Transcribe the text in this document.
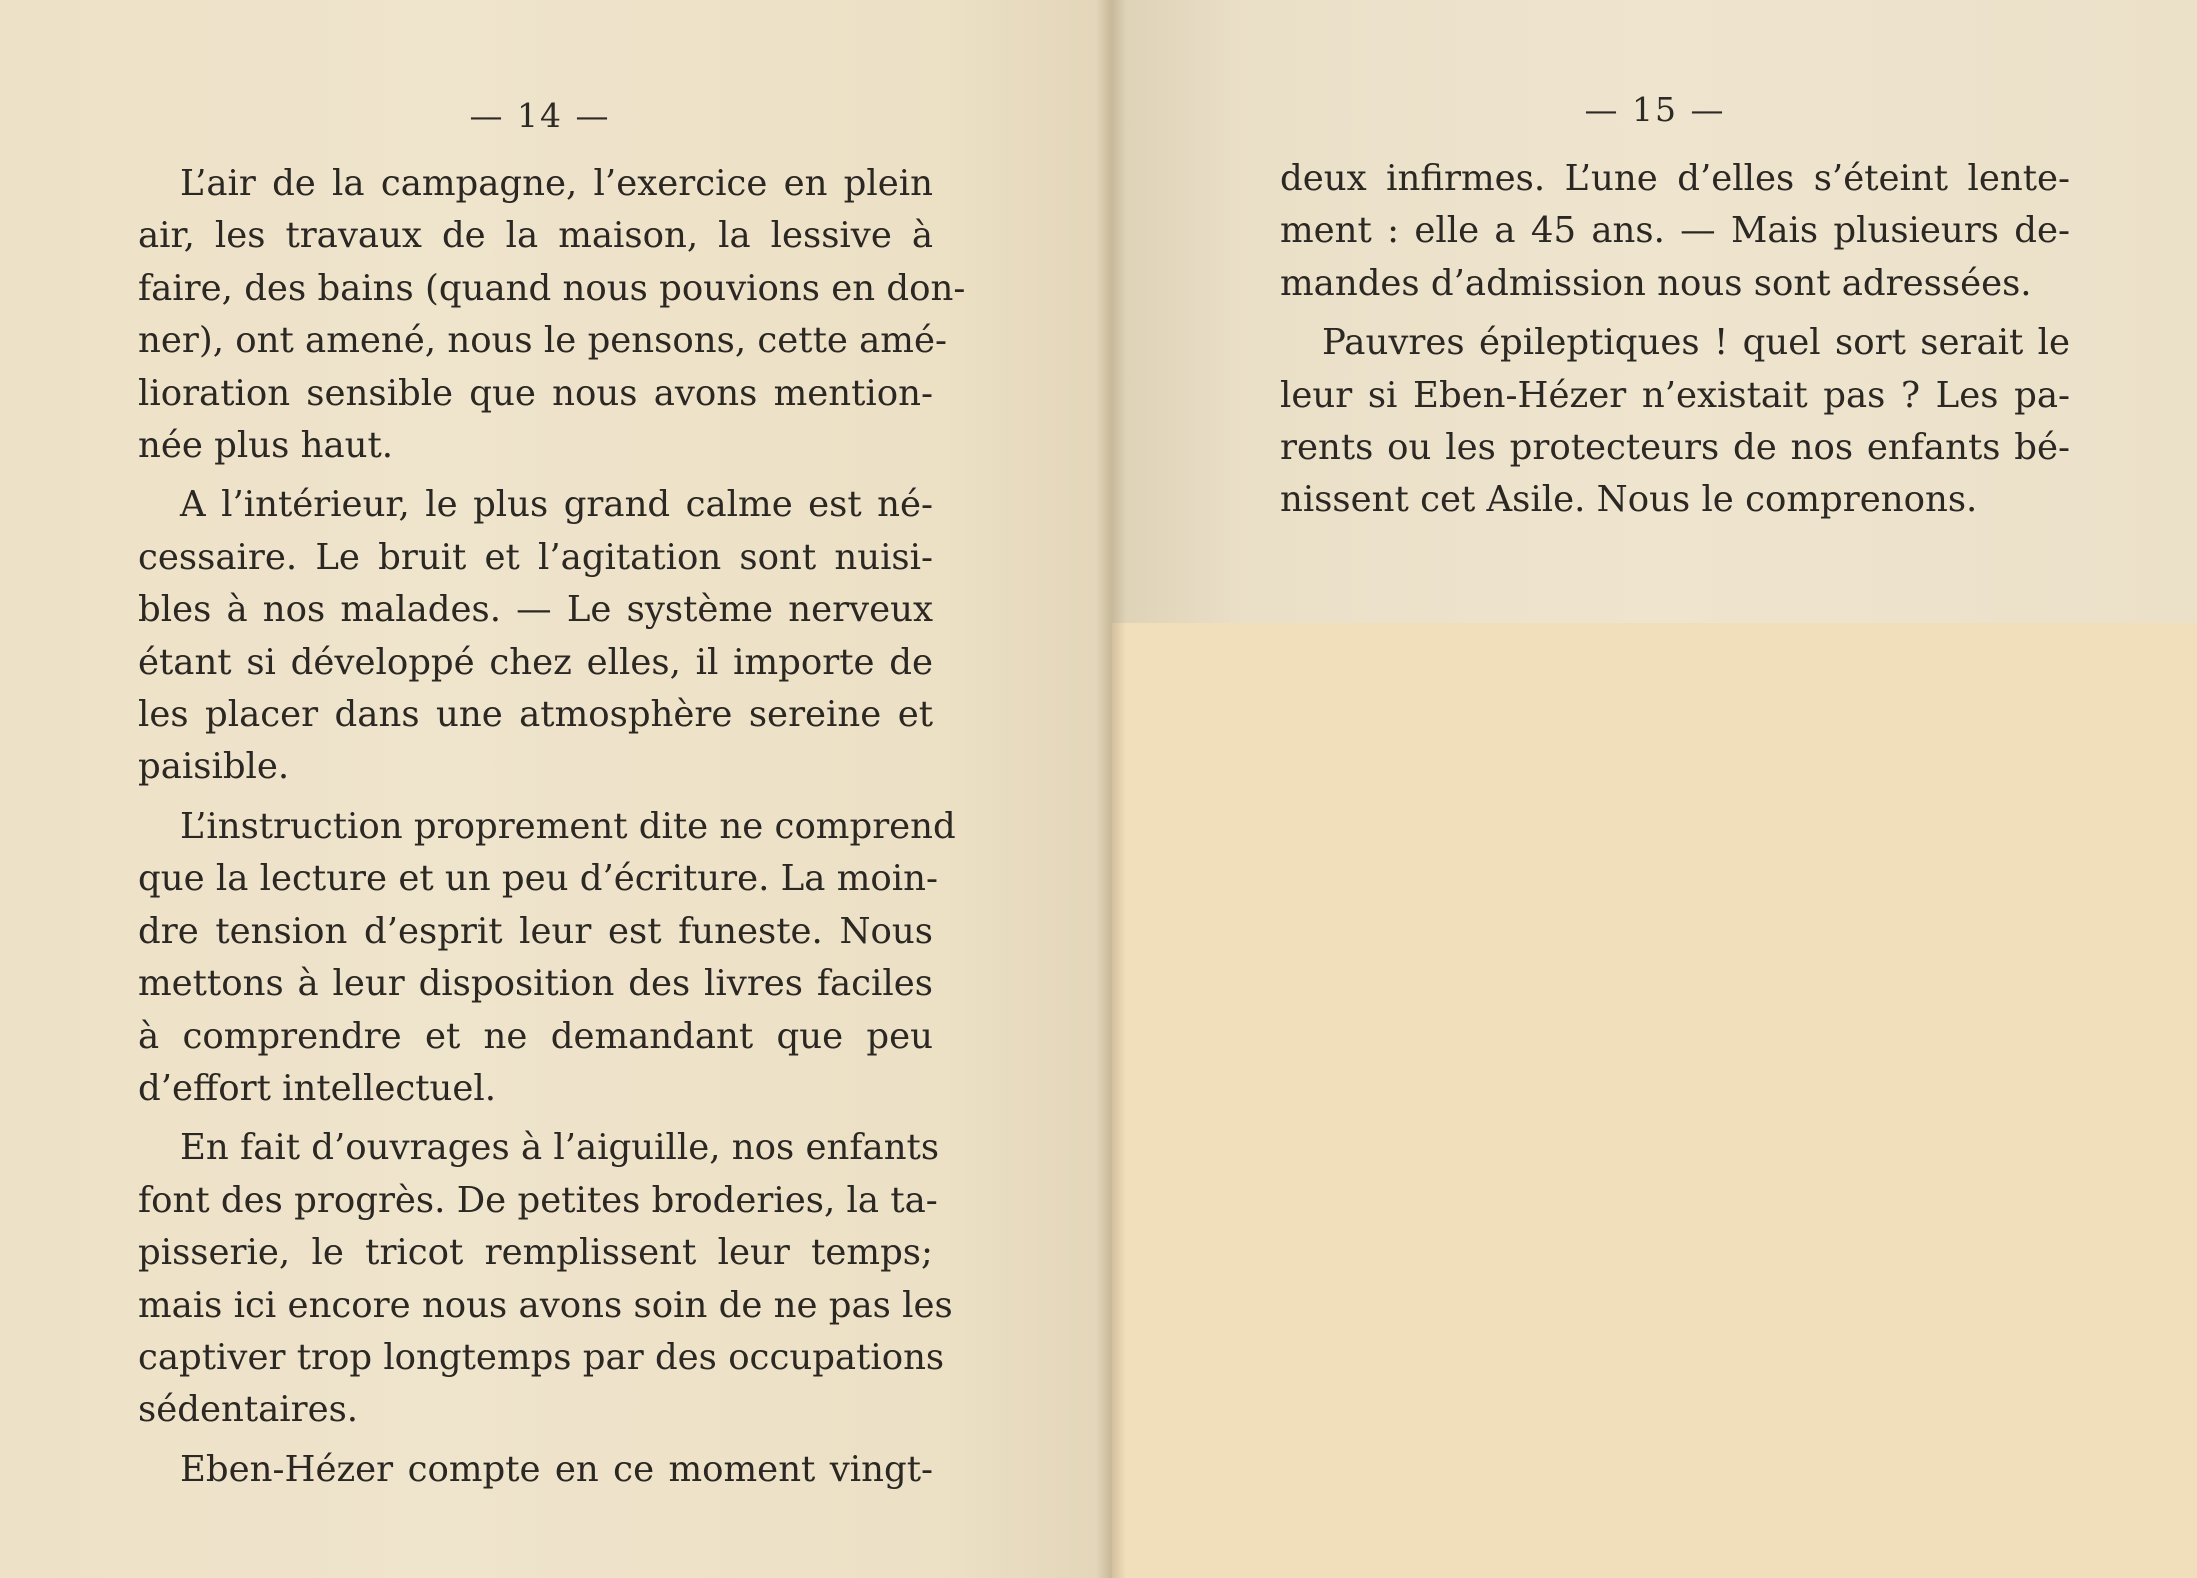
— 14 —	— 15 —
L’air de la campagne, l’exercice en plein
air, les travaux de la maison, la lessive à
faire, des bains (quand nous pouvions en don-
ner), ont amené, nous le pensons, cette amé-
lioration sensible que nous avons mention-
née plus haut.
A l’intérieur, le plus grand calme est né-
cessaire. Le bruit et l’agitation sont nuisi-
bles à nos malades. — Le système nerveux
étant si développé chez elles, il importe de
les placer dans une atmosphère sereine et
paisible.
L’instruction proprement dite ne comprend
que la lecture et un peu d’écriture. La moin-
dre tension d’esprit leur est funeste. Nous
mettons à leur disposition des livres faciles
à comprendre et ne demandant que peu
d’effort intellectuel.
En fait d’ouvrages à l’aiguille, nos enfants
font des progrès. De petites broderies, la ta-
pisserie, le tricot remplissent leur temps;
mais ici encore nous avons soin de ne pas les
captiver trop longtemps par des occupations
sédentaires.
Eben-Hézer compte en ce moment vingt-
deux infirmes. L’une d’elles s’éteint lente-
ment : elle a 45 ans. — Mais plusieurs de-
mandes d’admission nous sont adressées.
Pauvres épileptiques ! quel sort serait le
leur si Eben-Hézer n’existait pas ? Les pa-
rents ou les protecteurs de nos enfants bé-
nissent cet Asile. Nous le comprenons.
